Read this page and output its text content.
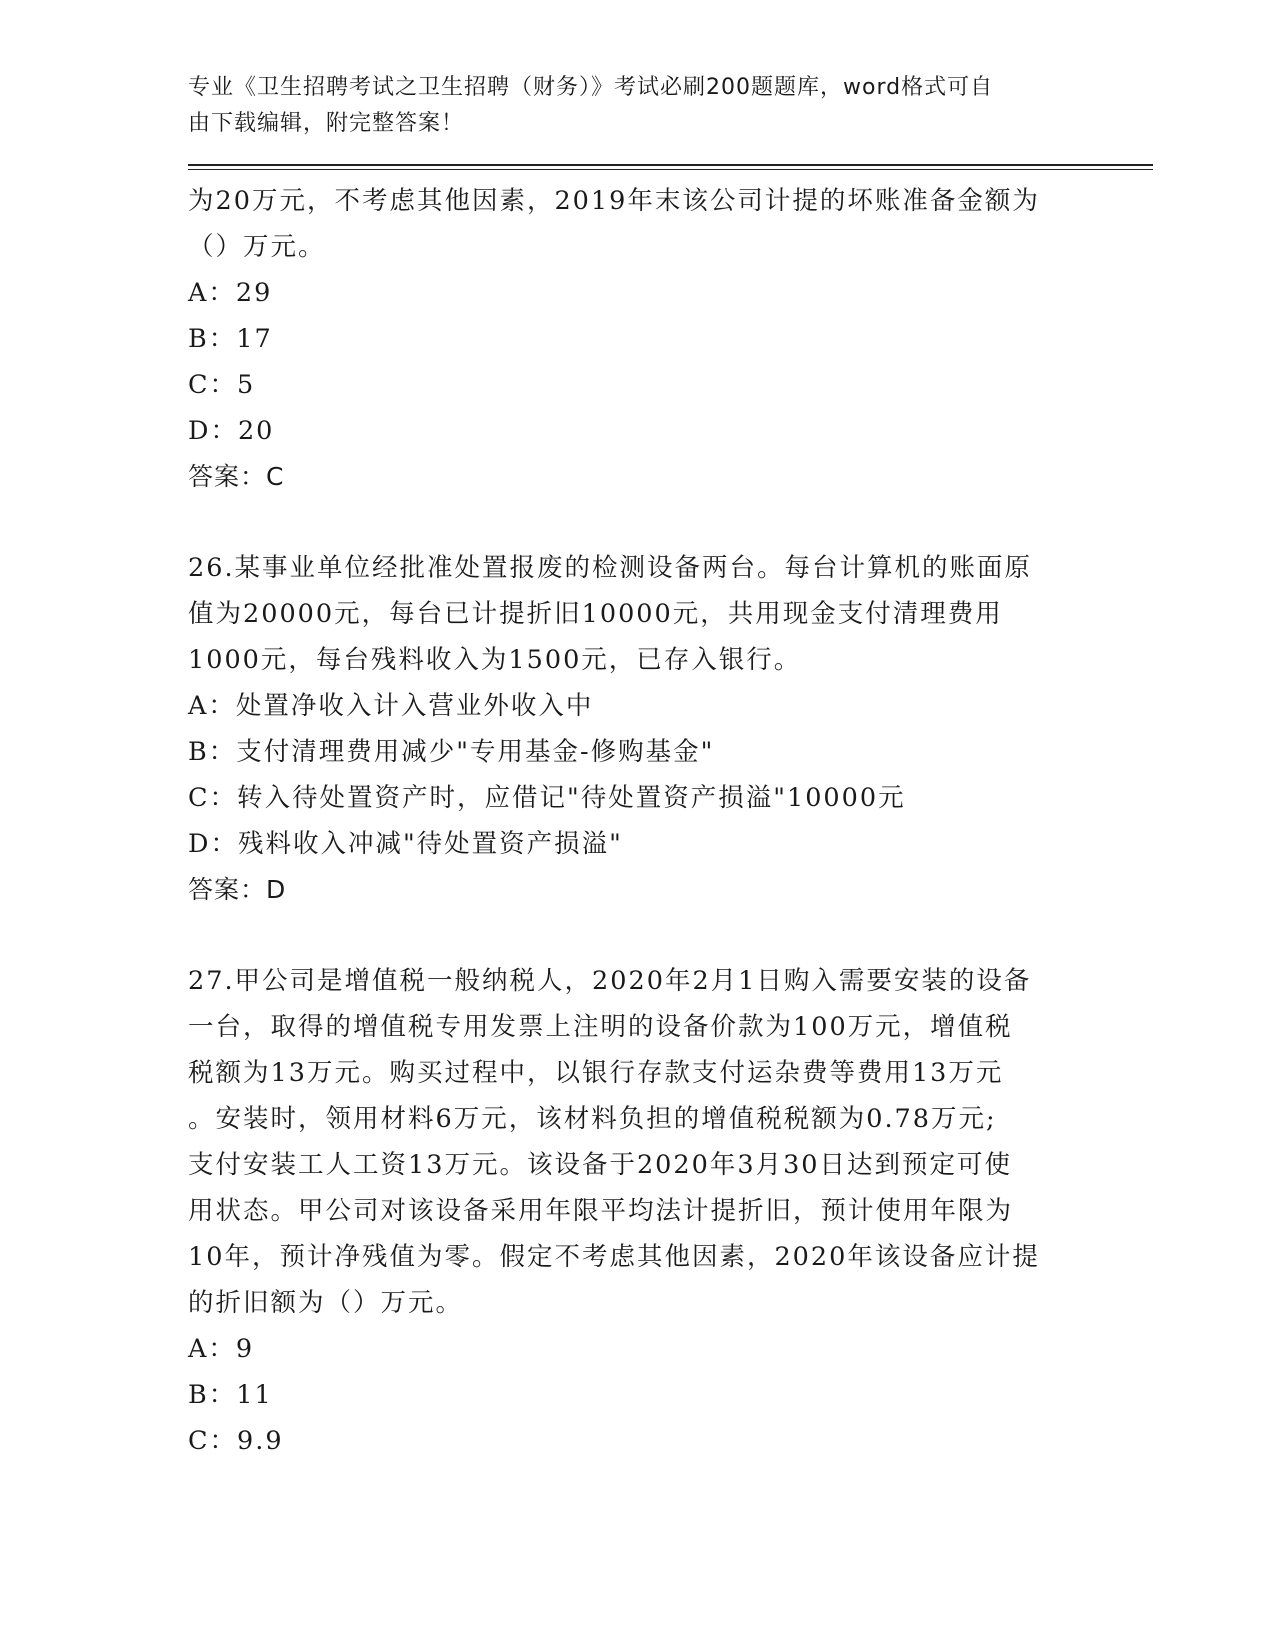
专业《卫生招聘考试之卫生招聘（财务）》考试必刷200题题库，word格式可自
由下载编辑，附完整答案！
为20万元，不考虑其他因素，2019年末该公司计提的坏账准备金额为
（）万元。
A：29
B：17
C：5
D：20
答案：C
26.某事业单位经批准处置报废的检测设备两台。每台计算机的账面原
值为20000元，每台已计提折旧10000元，共用现金支付清理费用
1000元，每台残料收入为1500元，已存入银行。
A：处置净收入计入营业外收入中
B：支付清理费用减少"专用基金-修购基金"
C：转入待处置资产时，应借记"待处置资产损溢"10000元
D：残料收入冲减"待处置资产损溢"
答案：D
27.甲公司是增值税一般纳税人，2020年2月1日购入需要安装的设备
一台，取得的增值税专用发票上注明的设备价款为100万元，增值税
税额为13万元。购买过程中，以银行存款支付运杂费等费用13万元
。安装时，领用材料6万元，该材料负担的增值税税额为0.78万元;
支付安装工人工资13万元。该设备于2020年3月30日达到预定可使
用状态。甲公司对该设备采用年限平均法计提折旧，预计使用年限为
10年，预计净残值为零。假定不考虑其他因素，2020年该设备应计提
的折旧额为（）万元。
A：9
B：11
C：9.9
